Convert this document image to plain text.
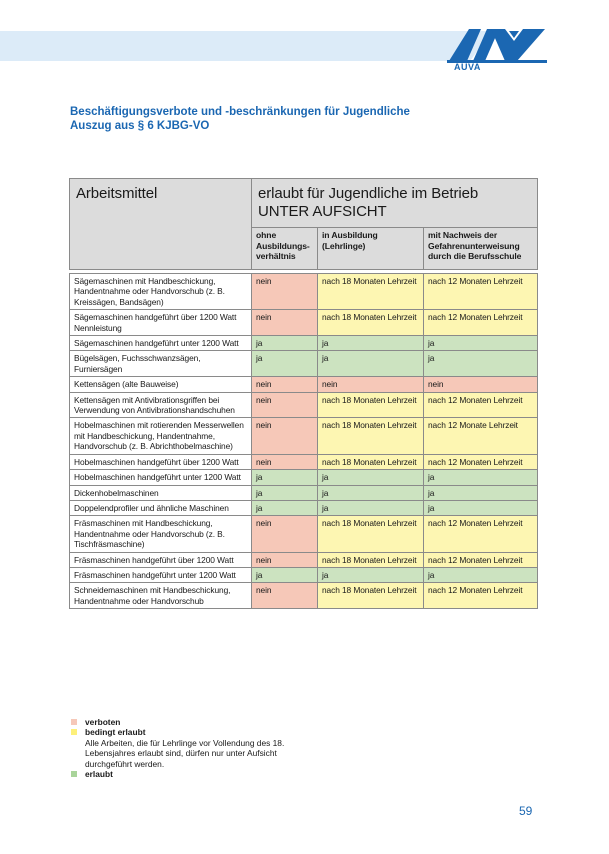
AUVA
Beschäftigungsverbote und -beschränkungen für Jugendliche
Auszug aus § 6 KJBG-VO
Arbeitsmittel	erlaubt für Jugendliche im Betrieb
UNTER AUFSICHT		

	ohne Ausbildungs-verhältnis	in Ausbildung (Lehrlinge)	mit Nachweis der Gefahrenunterweisung durch die Berufsschule

Sägemaschinen mit Handbeschickung, Handentnahme oder Handvorschub (z. B. Kreissägen, Bandsägen)	nein	nach 18 Monaten Lehrzeit	nach 12 Monaten Lehrzeit
Sägemaschinen handgeführt über 1200 Watt Nennleistung	nein	nach 18 Monaten Lehrzeit	nach 12 Monaten Lehrzeit
Sägemaschinen handgeführt unter 1200 Watt	ja	ja	ja
Bügelsägen, Fuchsschwanzsägen, Furniersägen	ja	ja	ja
Kettensägen (alte Bauweise)	nein	nein	nein
Kettensägen mit Antivibrationsgriffen bei Verwendung von Antivibrationshandschuhen	nein	nach 18 Monaten Lehrzeit	nach 12 Monaten Lehrzeit
Hobelmaschinen mit rotierenden Messerwellen mit Handbeschickung, Handentnahme, Handvorschub (z. B. Abrichthobelmaschine)	nein	nach 18 Monaten Lehrzeit	nach 12 Monate Lehrzeit
Hobelmaschinen handgeführt über 1200 Watt	nein	nach 18 Monaten Lehrzeit	nach 12 Monaten Lehrzeit
Hobelmaschinen handgeführt unter 1200 Watt	ja	ja	ja
Dickenhobelmaschinen	ja	ja	ja
Doppelendprofiler und ähnliche Maschinen	ja	ja	ja
Fräsmaschinen mit Handbeschickung, Handentnahme oder Handvorschub (z. B. Tischfräsmaschine)	nein	nach 18 Monaten Lehrzeit	nach 12 Monaten Lehrzeit
Fräsmaschinen handgeführt über 1200 Watt	nein	nach 18 Monaten Lehrzeit	nach 12 Monaten Lehrzeit
Fräsmaschinen handgeführt unter 1200 Watt	ja	ja	ja
Schneidemaschinen mit Handbeschickung, Handentnahme oder Handvorschub	nein	nach 18 Monaten Lehrzeit	nach 12 Monaten Lehrzeit
verboten
bedingt erlaubt
Alle Arbeiten, die für Lehrlinge vor Vollendung des 18. Lebensjahres erlaubt sind, dürfen nur unter Aufsicht durchgeführt werden.
erlaubt
59
